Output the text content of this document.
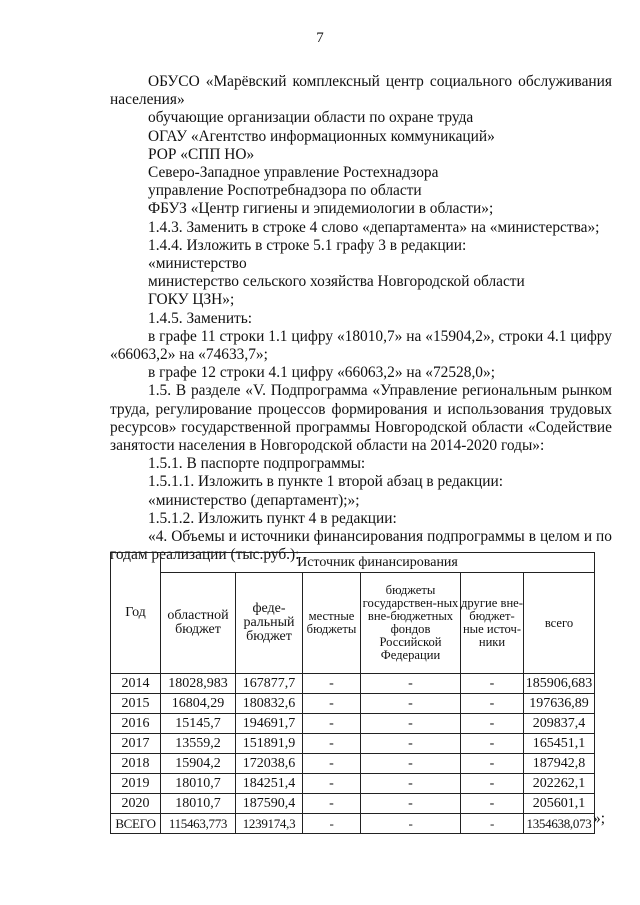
7

ОБУСО «Марёвский комплексный центр социального обслуживания населения»

обучающие организации области по охране труда

ОГАУ «Агентство информационных коммуникаций»

РОР «СПП НО»

Северо-Западное управление Ростехнадзора

управление Роспотребнадзора по области

ФБУЗ «Центр гигиены и эпидемиологии в области»;

1.4.3. Заменить в строке 4 слово «департамента» на «министерства»;

1.4.4. Изложить в строке 5.1 графу 3 в редакции:

«министерство

министерство сельского хозяйства Новгородской области

ГОКУ ЦЗН»;

1.4.5. Заменить:

в графе 11 строки 1.1 цифру «18010,7» на «15904,2», строки 4.1 цифру «66063,2» на «74633,7»;

в графе 12 строки 4.1 цифру «66063,2» на «72528,0»;

1.5. В разделе «V. Подпрограмма «Управление региональным рынком труда, регулирование процессов формирования и использования трудовых ресурсов» государственной программы Новгородской области «Содействие занятости населения в Новгородской области на 2014-2020 годы»:

1.5.1. В паспорте подпрограммы:

1.5.1.1. Изложить в пункте 1 второй абзац в редакции:

«министерство (департамент);»;

1.5.1.2. Изложить пункт 4 в редакции:

«4. Объемы и источники финансирования подпрограммы в целом и по годам реализации (тыс.руб.):

Год	Источник финансирования					
	областной бюджет	феде-ральный бюджет	местные бюджеты	бюджеты государствен-ных вне-бюджетных фондов Российской Федерации	другие вне-бюджет-ные источ-ники	всего
2014	18028,983	167877,7	-	-	-	185906,683
2015	16804,29	180832,6	-	-	-	197636,89
2016	15145,7	194691,7	-	-	-	209837,4
2017	13559,2	151891,9	-	-	-	165451,1
2018	15904,2	172038,6	-	-	-	187942,8
2019	18010,7	184251,4	-	-	-	202262,1
2020	18010,7	187590,4	-	-	-	205601,1
ВСЕГО	115463,773	1239174,3	-	-	-	1354638,073 »;
